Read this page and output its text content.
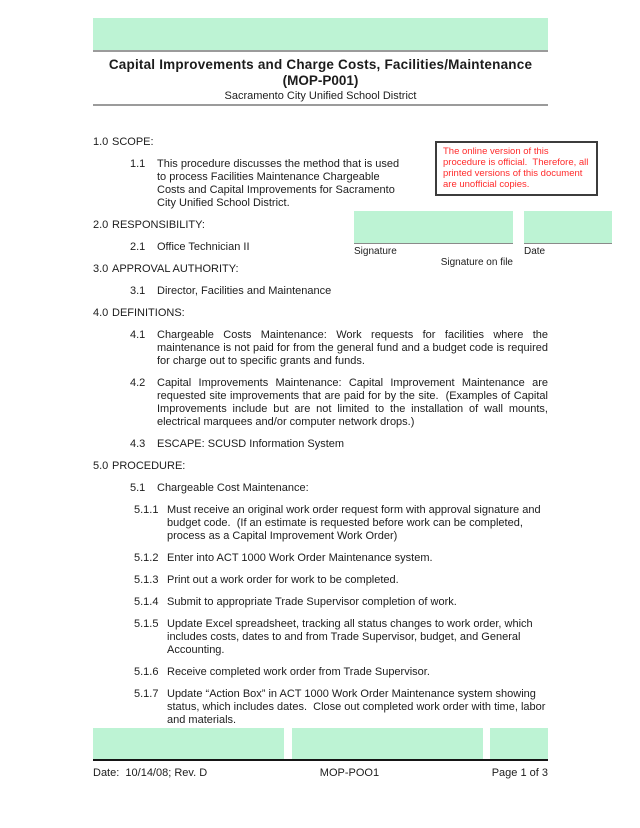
Capital Improvements and Charge Costs, Facilities/Maintenance
(MOP-P001)
Sacramento City Unified School District
The online version of this procedure is official.  Therefore, all printed versions of this document are unofficial copies.
Signature
Signature on file
Date
1.0 SCOPE:
1.1	This procedure discusses the method that is used to process Facilities Maintenance Chargeable Costs and Capital Improvements for Sacramento City Unified School District.
2.0 RESPONSIBILITY:
2.1	Office Technician II
3.0 APPROVAL AUTHORITY:
3.1	Director, Facilities and Maintenance
4.0 DEFINITIONS:
4.1	Chargeable Costs Maintenance: Work requests for facilities where the maintenance is not paid for from the general fund and a budget code is required for charge out to specific grants and funds.
4.2	Capital Improvements Maintenance: Capital Improvement Maintenance are requested site improvements that are paid for by the site.  (Examples of Capital Improvements include but are not limited to the installation of wall mounts, electrical marquees and/or computer network drops.)
4.3	ESCAPE: SCUSD Information System
5.0 PROCEDURE:
5.1	Chargeable Cost Maintenance:
5.1.1 Must receive an original work order request form with approval signature and budget code.  (If an estimate is requested before work can be completed, process as a Capital Improvement Work Order)
5.1.2 Enter into ACT 1000 Work Order Maintenance system.
5.1.3 Print out a work order for work to be completed.
5.1.4 Submit to appropriate Trade Supervisor completion of work.
5.1.5 Update Excel spreadsheet, tracking all status changes to work order, which includes costs, dates to and from Trade Supervisor, budget, and General Accounting.
5.1.6 Receive completed work order from Trade Supervisor.
5.1.7 Update “Action Box” in ACT 1000 Work Order Maintenance system showing status, which includes dates.  Close out completed work order with time, labor and materials.
Date:  10/14/08; Rev. D	MOP-POO1	Page 1 of 3
